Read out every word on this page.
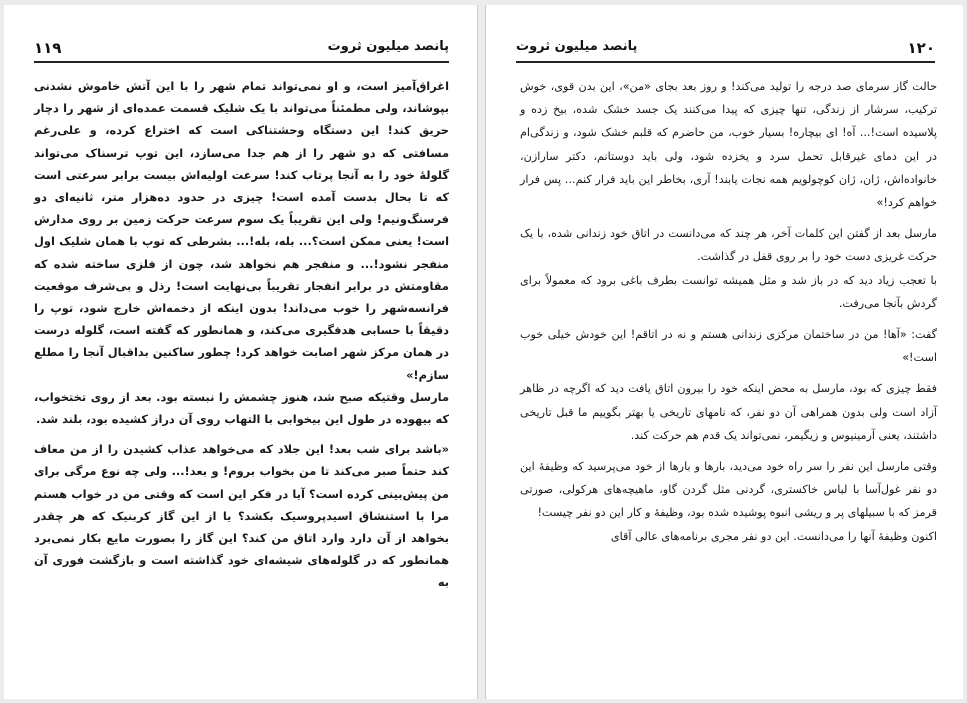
پانصد میلیون ثروت
۱۱۹

اغراق‌آمیز است، و او نمی‌تواند تمام شهر را با این آتش خاموش نشدنی بپوشاند، ولی مطمئناً می‌تواند با یک شلیک قسمت عمده‌ای از شهر را دچار حریق کند! این دستگاه وحشتناکی است که اختراع کرده، و علی‌رغم مسافتی که دو شهر را از هم جدا می‌سازد، این توپ ترسناک می‌تواند گلولهٔ خود را به آنجا پرتاب کند! سرعت اولیه‌اش بیست برابر سرعتی است که تا بحال بدست آمده است! چیزی در حدود ده‌هزار متر، ثانیه‌ای دو فرسنگ‌ونیم! ولی این تقریباً یک سوم سرعت حرکت زمین بر روی مدارش است! یعنی ممکن است؟... بله، بله!... بشرطی که توپ با همان شلیک اول منفجر نشود!... و منفجر هم نخواهد شد، چون از فلزی ساخته شده که مقاومتش در برابر انفجار تقریباً بی‌نهایت است! رذل و بی‌شرف موقعیت فرانسه‌شهر را خوب می‌داند! بدون اینکه از دخمه‌اش خارج شود، توپ را دقیقاً با حسابی هدفگیری می‌کند، و همانطور که گفته است، گلوله درست در همان مرکز شهر اصابت خواهد کرد! چطور ساکنین بداقبال آنجا را مطلع سازم!»

مارسل وقتیکه صبح شد، هنوز چشمش را نبسته بود. بعد از روی تختخواب، که بیهوده در طول این بیخوابی با التهاب روی آن دراز کشیده بود، بلند شد.

«باشد برای شب بعد! این جلاد که می‌خواهد عذاب کشیدن را از من معاف کند حتماً صبر می‌کند تا من بخواب بروم! و بعد!... ولی چه نوع مرگی برای من پیش‌بینی کرده است؟ آیا در فکر این است که وقتی من در خواب هستم مرا با استنشاق اسیدپروسیک بکشد؟ یا از این گاز کربنیک که هر چقدر بخواهد از آن دارد وارد اتاق من کند؟ این گاز را بصورت مایع بکار نمی‌برد همانطور که در گلوله‌های شیشه‌ای خود گذاشته است و بازگشت فوری آن به

پانصد میلیون ثروت	۱۲۰

حالت گاز سرمای صد درجه را تولید می‌کند! و روز بعد بجای «من»، این بدن قوی، خوش ترکیب، سرشار از زندگی، تنها چیزی که پیدا می‌کنند یک جسد خشک شده، بیخ زده و پلاسیده است!... آه! ای بیچاره! بسیار خوب، من حاضرم که قلبم خشک شود، و زندگی‌ام در این دمای غیرقابل تحمل سرد و یخزده شود، ولی باید دوستانم، دکتر سارازن، خانواده‌اش، ژان، ژان کوچولویم همه نجات یابند! آری، بخاطر این باید فرار کنم... پس فرار خواهم کرد!»

مارسل بعد از گفتن این کلمات آخر، هر چند که می‌دانست در اتاق خود زندانی شده، با یک حرکت غریزی دست خود را بر روی قفل در گذاشت.

با تعجب زیاد دید که در باز شد و مثل همیشه توانست بطرف باغی برود که معمولاً برای گردش بآنجا می‌رفت.

گفت: «آها! من در ساختمان مرکزی زندانی هستم و نه در اتاقم! این خودش خیلی خوب است!»

فقط چیزی که بود، مارسل به محض اینکه خود را بیرون اتاق یافت دید که اگرچه در ظاهر آزاد است ولی بدون همراهی آن دو نفر، که نامهای تاریخی یا بهتر بگوییم ما قبل تاریخی داشتند، یعنی آرمینیوس و زیگیمر، نمی‌تواند یک قدم هم حرکت کند.

وقتی مارسل این نفر را سر راه خود می‌دید، بارها و بارها از خود می‌پرسید که وظیفهٔ این دو نفر غول‌آسا با لباس خاکستری، گردنی مثل گردن گاو، ماهیچه‌های هرکولی، صورتی قرمز که با سبیلهای پر و ریشی انبوه پوشیده شده بود، وظیفهٔ و کار این دو نفر چیست!

اکنون وظیفهٔ آنها را می‌دانست. این دو نفر مجری برنامه‌های عالی آقای
